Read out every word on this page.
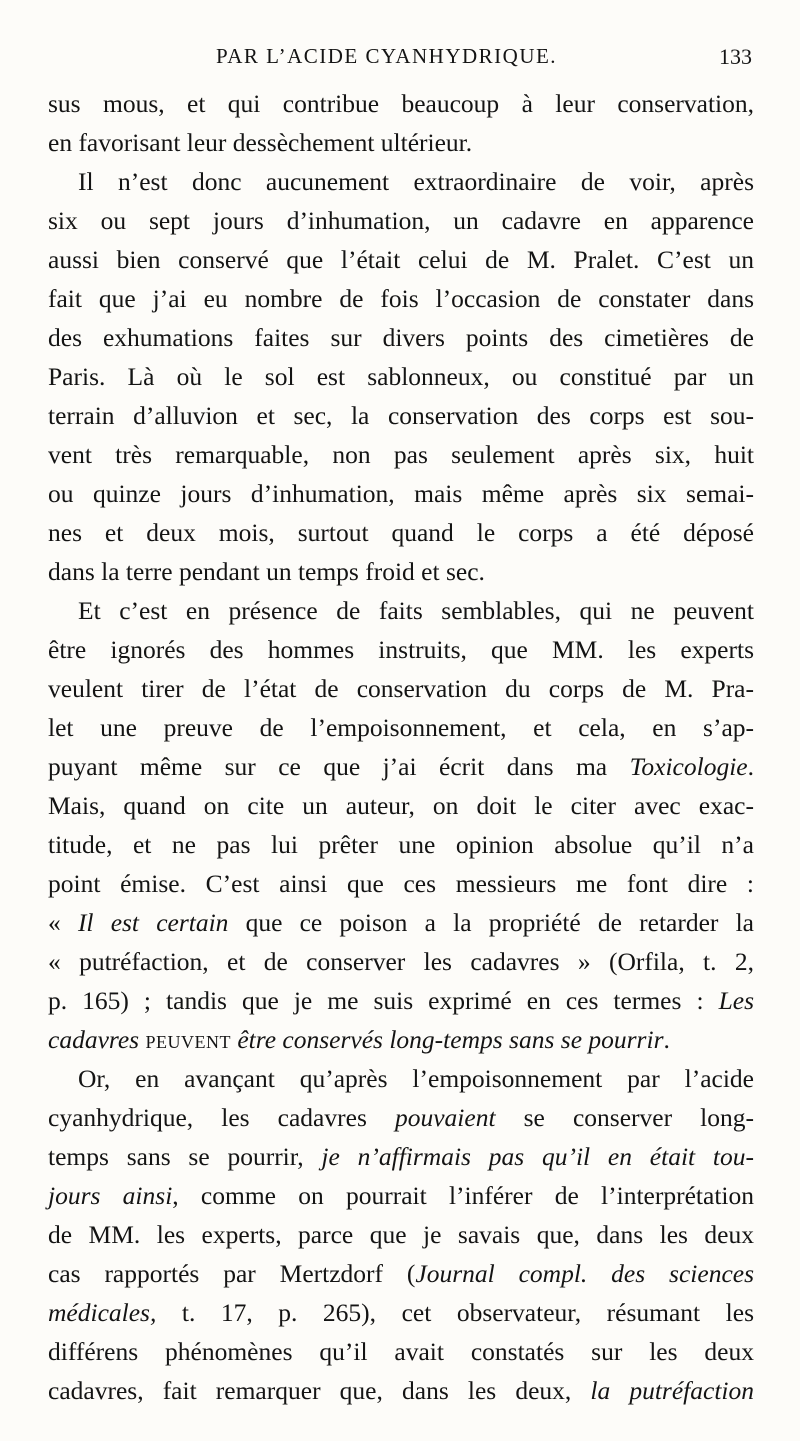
PAR L’ACIDE CYANHYDRIQUE.	133
sus mous, et qui contribue beaucoup à leur conservation,
en favorisant leur dessèchement ultérieur.
Il n’est donc aucunement extraordinaire de voir, après
six ou sept jours d’inhumation, un cadavre en apparence
aussi bien conservé que l’était celui de M. Pralet. C’est un
fait que j’ai eu nombre de fois l’occasion de constater dans
des exhumations faites sur divers points des cimetières de
Paris. Là où le sol est sablonneux, ou constitué par un
terrain d’alluvion et sec, la conservation des corps est sou-
vent très remarquable, non pas seulement après six, huit
ou quinze jours d’inhumation, mais même après six semai-
nes et deux mois, surtout quand le corps a été déposé
dans la terre pendant un temps froid et sec.
Et c’est en présence de faits semblables, qui ne peuvent
être ignorés des hommes instruits, que MM. les experts
veulent tirer de l’état de conservation du corps de M. Pra-
let une preuve de l’empoisonnement, et cela, en s’ap-
puyant même sur ce que j’ai écrit dans ma Toxicologie.
Mais, quand on cite un auteur, on doit le citer avec exac-
titude, et ne pas lui prêter une opinion absolue qu’il n’a
point émise. C’est ainsi que ces messieurs me font dire :
« Il est certain que ce poison a la propriété de retarder la
« putréfaction, et de conserver les cadavres » (Orfila, t. 2,
p. 165) ; tandis que je me suis exprimé en ces termes : Les
cadavres peuvent être conservés long-temps sans se pourrir.
Or, en avançant qu’après l’empoisonnement par l’acide
cyanhydrique, les cadavres pouvaient se conserver long-
temps sans se pourrir, je n’affirmais pas qu’il en était tou-
jours ainsi, comme on pourrait l’inférer de l’interprétation
de MM. les experts, parce que je savais que, dans les deux
cas rapportés par Mertzdorf (Journal compl. des sciences
médicales, t. 17, p. 265), cet observateur, résumant les
différens phénomènes qu’il avait constatés sur les deux
cadavres, fait remarquer que, dans les deux, la putréfaction
